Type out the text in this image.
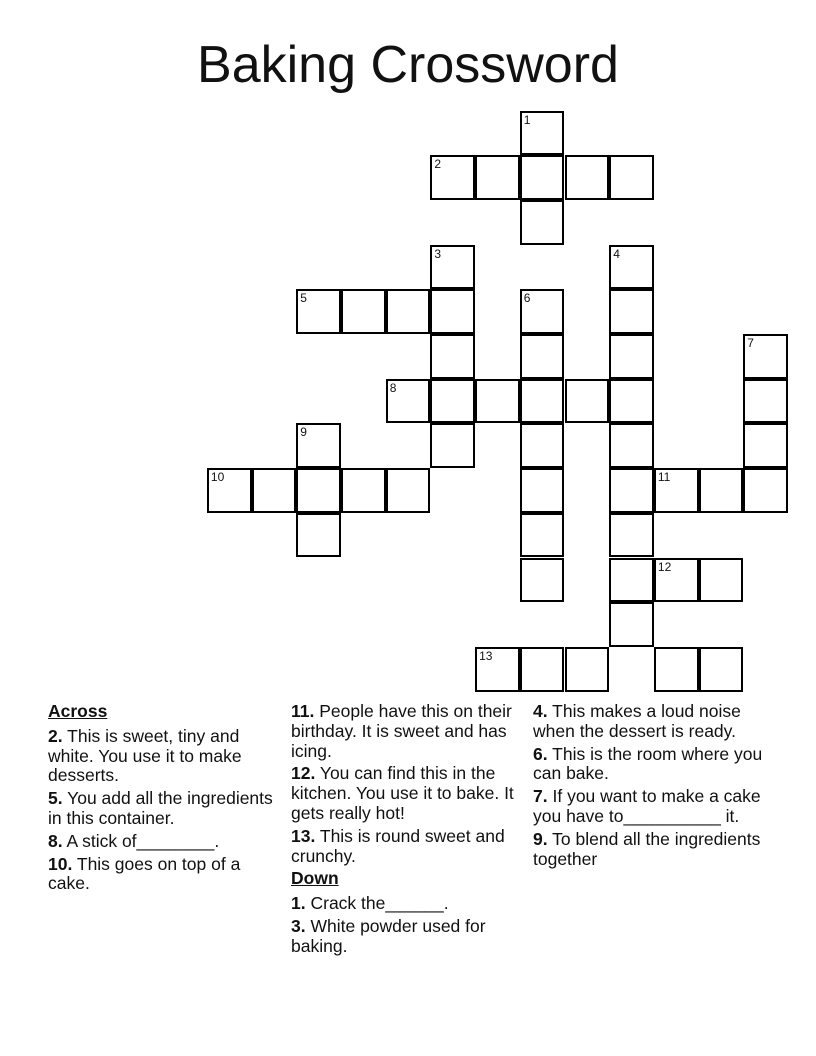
Baking Crossword
1
2
3	4
5	6
7
8
9
10	11
12
13
Across
2. This is sweet, tiny and white. You use it to make desserts.
5. You add all the ingredients in this container.
8. A stick of________.
10. This goes on top of a cake.
11. People have this on their birthday. It is sweet and has icing.
12. You can find this in the kitchen. You use it to bake. It gets really hot!
13. This is round sweet and crunchy.
Down
1. Crack the______.
3. White powder used for baking.
4. This makes a loud noise when the dessert is ready.
6. This is the room where you can bake.
7. If you want to make a cake you have to__________ it.
9. To blend all the ingredients together
